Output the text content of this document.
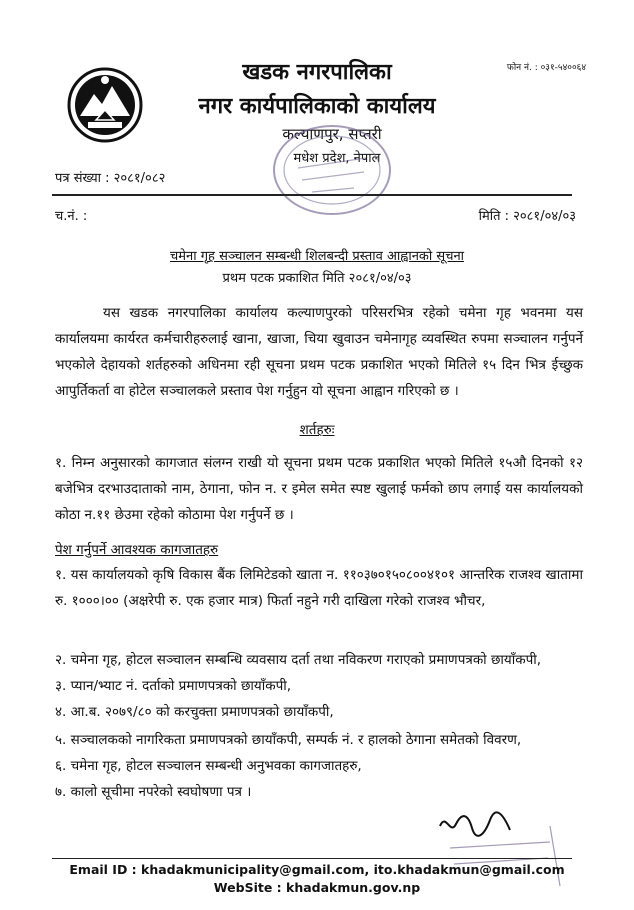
फोन नं. : ०३१-५४००६४
खडक नगरपालिका
नगर कार्यपालिकाको कार्यालय
कल्याणपुर, सप्तरी
मधेश प्रदेश, नेपाल
पत्र संख्या : २०८१/०८२
च.नं. :	मिति : २०८१/०४/०३
चमेना गृह सञ्चालन सम्बन्धी शिलबन्दी प्रस्ताव आह्वानको सूचना
प्रथम पटक प्रकाशित मिति २०८१/०४/०३
यस खडक नगरपालिका कार्यालय कल्याणपुरको परिसरभित्र रहेको चमेना गृह भवनमा यस कार्यालयमा कार्यरत कर्मचारीहरुलाई खाना, खाजा, चिया खुवाउन चमेनागृह व्यवस्थित रुपमा सञ्चालन गर्नुपर्ने भएकोले देहायको शर्तहरुको अधिनमा रही सूचना प्रथम पटक प्रकाशित भएको मितिले १५ दिन भित्र ईच्छुक आपुर्तिकर्ता वा होटेल सञ्चालकले प्रस्ताव पेश गर्नुहुन यो सूचना आह्वान गरिएको छ ।
शर्तहरुः
१. निम्न अनुसारको कागजात संलग्न राखी यो सूचना प्रथम पटक प्रकाशित भएको मितिले १५औ दिनको १२ बजेभित्र दरभाउदाताको नाम, ठेगाना, फोन न. र इमेल समेत स्पष्ट खुलाई फर्मको छाप लगाई यस कार्यालयको कोठा न.११ छेउमा रहेको कोठामा पेश गर्नुपर्ने छ ।
पेश गर्नुपर्ने आवश्यक कागजातहरु
१. यस कार्यालयको कृषि विकास बैंक लिमिटेडको खाता न. ११०३७०१५०८००४१०१ आन्तरिक राजश्व खातामा रु. १०००।०० (अक्षरेपी रु. एक हजार मात्र) फिर्ता नहुने गरी दाखिला गरेको राजश्व भौचर,
२. चमेना गृह, होटल सञ्चालन सम्बन्धि व्यवसाय दर्ता तथा नविकरण गराएको प्रमाणपत्रको छायाँकपी,
३. प्यान/भ्याट नं. दर्ताको प्रमाणपत्रको छायाँकपी,
४. आ.ब. २०७९/८० को करचुक्ता प्रमाणपत्रको छायाँकपी,
५. सञ्चालकको नागरिकता प्रमाणपत्रको छायाँकपी, सम्पर्क नं. र हालको ठेगाना समेतको विवरण,
६. चमेना गृह, होटल सञ्चालन सम्बन्धी अनुभवका कागजातहरु,
७. कालो सूचीमा नपरेको स्वघोषणा पत्र ।
Email ID : khadakmunicipality@gmail.com, ito.khadakmun@gmail.com
WebSite : khadakmun.gov.np
